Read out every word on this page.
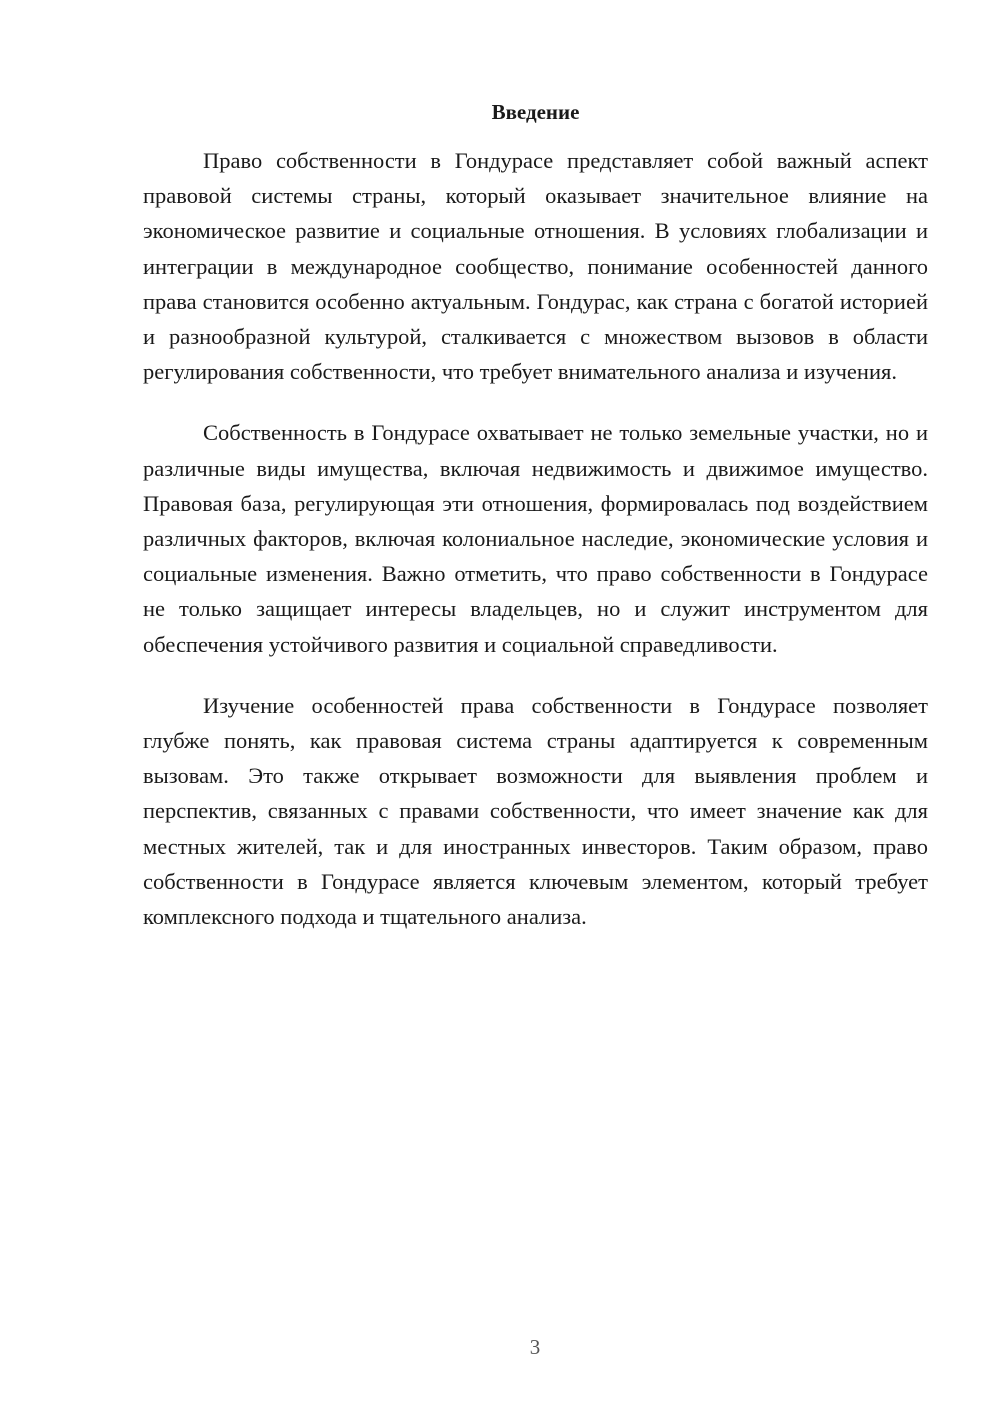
Введение

Право собственности в Гондурасе представляет собой важный аспект правовой системы страны, который оказывает значительное влияние на экономическое развитие и социальные отношения. В условиях глобализации и интеграции в международное сообщество, понимание особенностей данного права становится особенно актуальным. Гондурас, как страна с богатой историей и разнообразной культурой, сталкивается с множеством вызовов в области регулирования собственности, что требует внимательного анализа и изучения.

Собственность в Гондурасе охватывает не только земельные участки, но и различные виды имущества, включая недвижимость и движимое имущество. Правовая база, регулирующая эти отношения, формировалась под воздействием различных факторов, включая колониальное наследие, экономические условия и социальные изменения. Важно отметить, что право собственности в Гондурасе не только защищает интересы владельцев, но и служит инструментом для обеспечения устойчивого развития и социальной справедливости.

Изучение особенностей права собственности в Гондурасе позволяет глубже понять, как правовая система страны адаптируется к современным вызовам. Это также открывает возможности для выявления проблем и перспектив, связанных с правами собственности, что имеет значение как для местных жителей, так и для иностранных инвесторов. Таким образом, право собственности в Гондурасе является ключевым элементом, который требует комплексного подхода и тщательного анализа.

3
